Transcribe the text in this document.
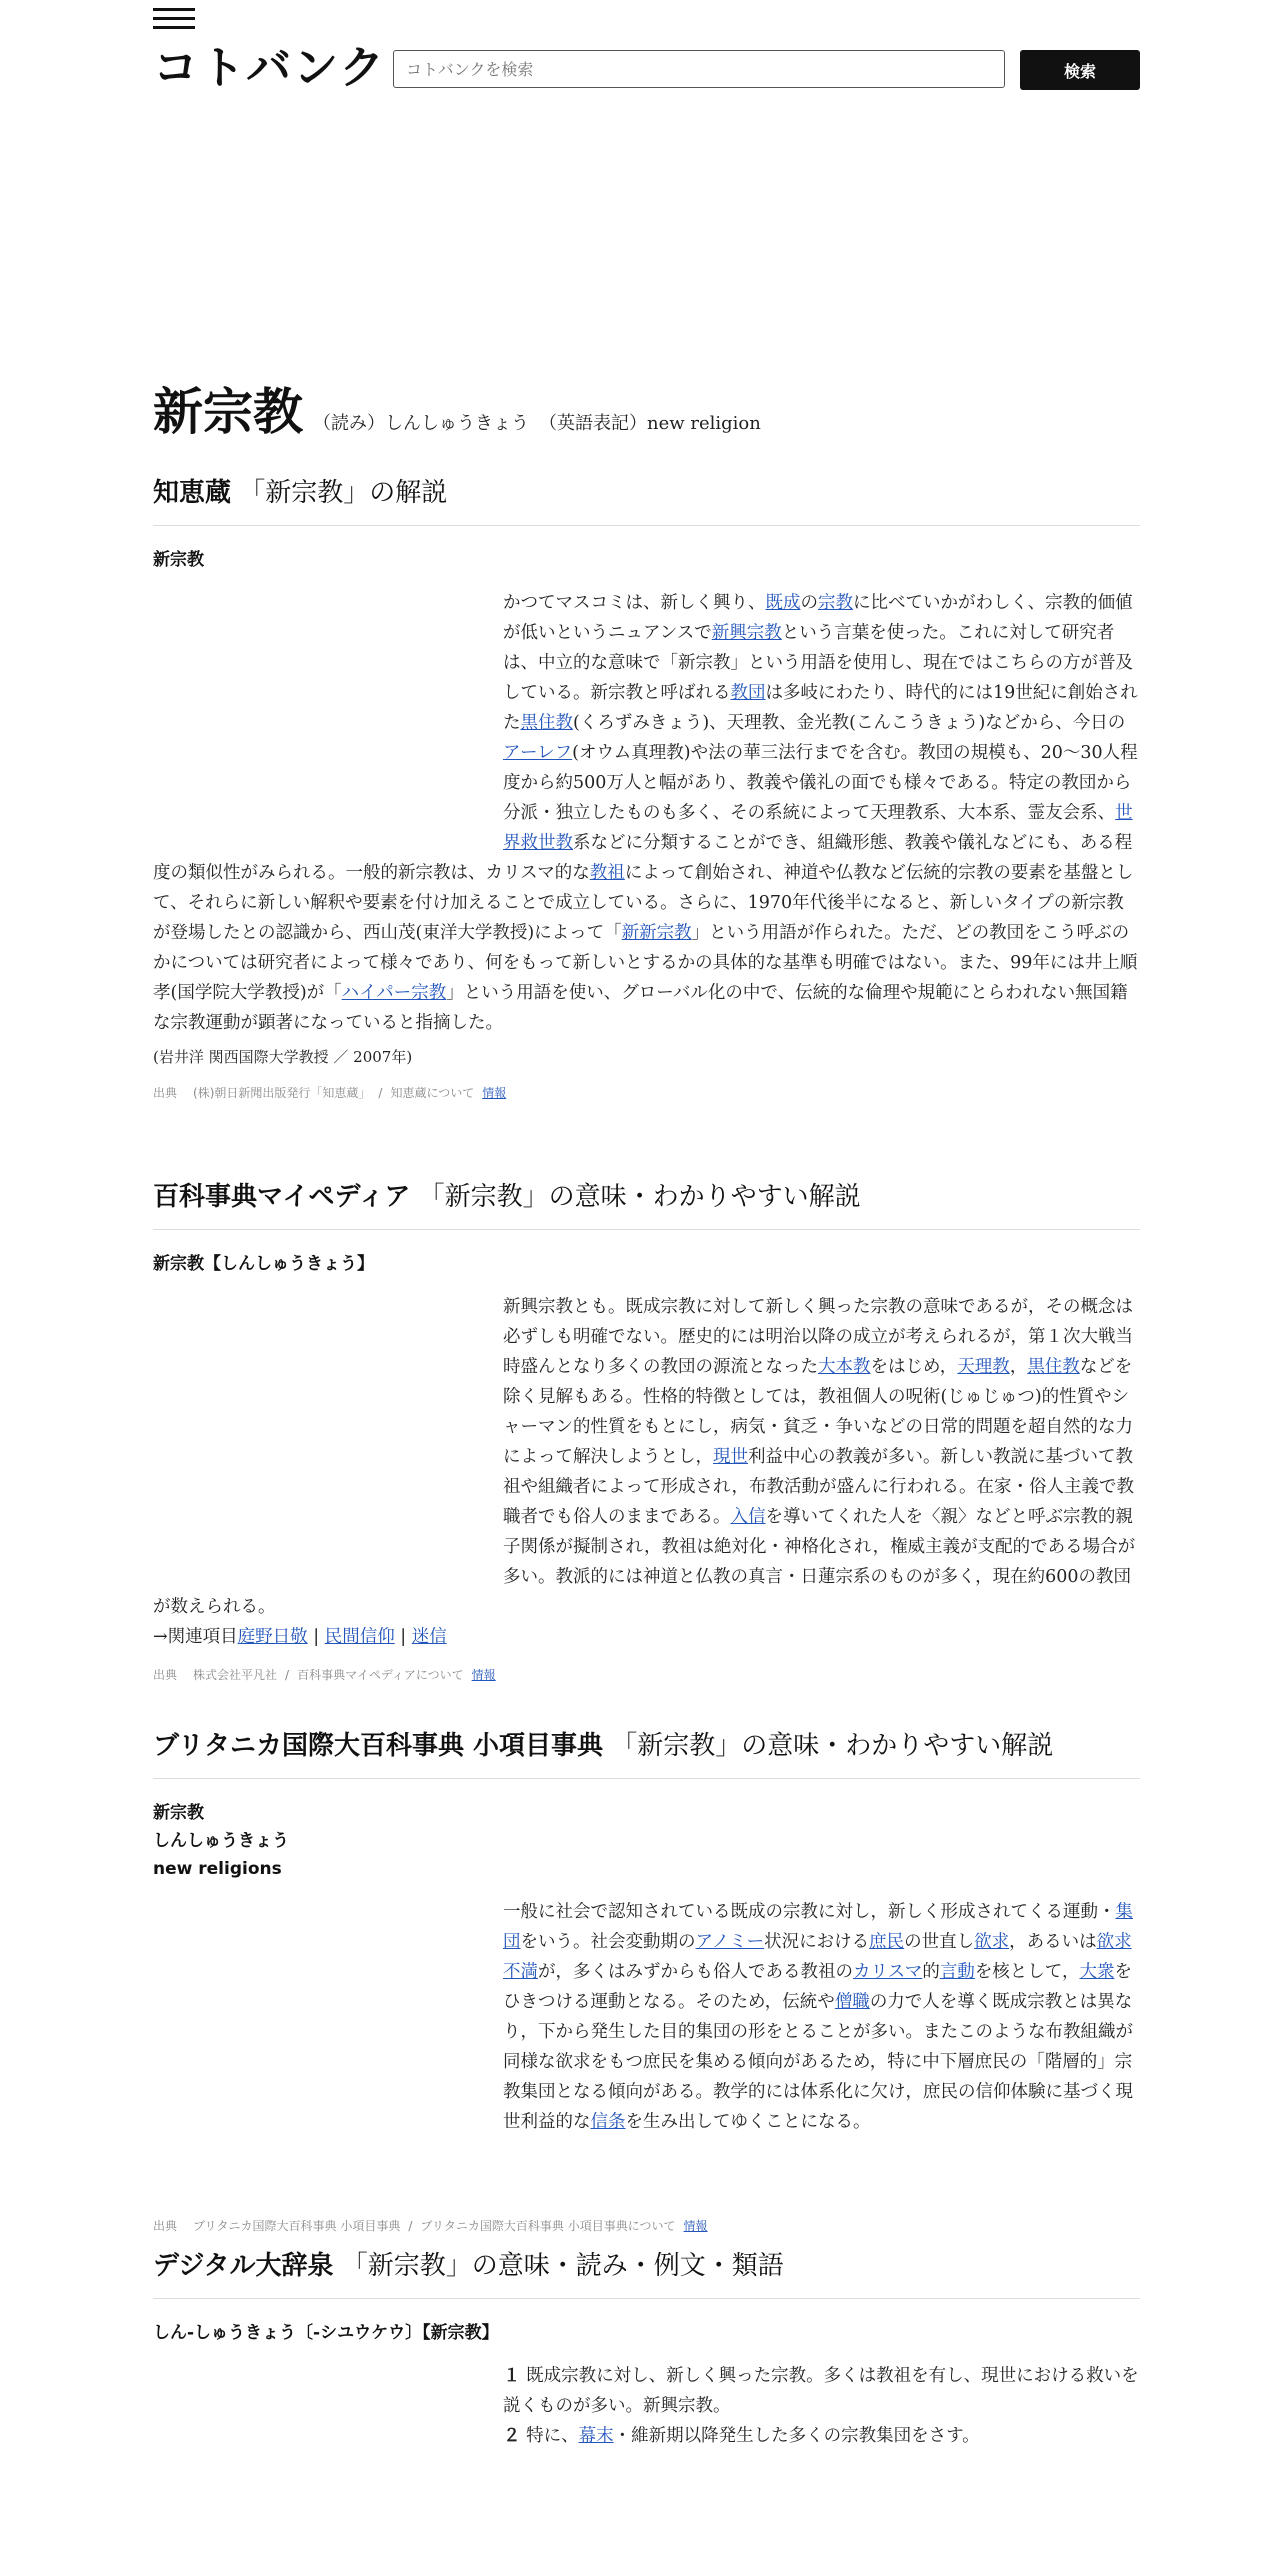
コトバンク
コトバンクを検索	検索
新宗教 （読み）しんしゅうきょう （英語表記）new religion
知恵蔵 「新宗教」の解説
新宗教
かつてマスコミは、新しく興り、既成の宗教に比べていかがわしく、宗教的価値が低いというニュアンスで新興宗教という言葉を使った。これに対して研究者は、中立的な意味で「新宗教」という用語を使用し、現在ではこちらの方が普及している。新宗教と呼ばれる教団は多岐にわたり、時代的には19世紀に創始された黒住教(くろずみきょう)、天理教、金光教(こんこうきょう)などから、今日のアーレフ(オウム真理教)や法の華三法行までを含む。教団の規模も、20〜30人程度から約500万人と幅があり、教義や儀礼の面でも様々である。特定の教団から分派・独立したものも多く、その系統によって天理教系、大本系、霊友会系、世界救世教系などに分類することができ、組織形態、教義や儀礼などにも、ある程度の類似性がみられる。一般的新宗教は、カリスマ的な教祖によって創始され、神道や仏教など伝統的宗教の要素を基盤として、それらに新しい解釈や要素を付け加えることで成立している。さらに、1970年代後半になると、新しいタイプの新宗教が登場したとの認識から、西山茂(東洋大学教授)によって「新新宗教」という用語が作られた。ただ、どの教団をこう呼ぶのかについては研究者によって様々であり、何をもって新しいとするかの具体的な基準も明確ではない。また、99年には井上順孝(国学院大学教授)が「ハイパー宗教」という用語を使い、グローバル化の中で、伝統的な倫理や規範にとらわれない無国籍な宗教運動が顕著になっていると指摘した。
(岩井洋 関西国際大学教授 ／ 2007年)
出典 (株)朝日新聞出版発行「知恵蔵」 / 知恵蔵について 情報
百科事典マイペディア 「新宗教」の意味・わかりやすい解説
新宗教【しんしゅうきょう】
新興宗教とも。既成宗教に対して新しく興った宗教の意味であるが，その概念は必ずしも明確でない。歴史的には明治以降の成立が考えられるが，第１次大戦当時盛んとなり多くの教団の源流となった大本教をはじめ，天理教，黒住教などを除く見解もある。性格的特徴としては，教祖個人の呪術(じゅじゅつ)的性質やシャーマン的性質をもとにし，病気・貧乏・争いなどの日常的問題を超自然的な力によって解決しようとし，現世利益中心の教義が多い。新しい教説に基づいて教祖や組織者によって形成され，布教活動が盛んに行われる。在家・俗人主義で教職者でも俗人のままである。入信を導いてくれた人を〈親〉などと呼ぶ宗教的親子関係が擬制され，教祖は絶対化・神格化され，権威主義が支配的である場合が多い。教派的には神道と仏教の真言・日蓮宗系のものが多く，現在約600の教団が数えられる。
→関連項目庭野日敬 | 民間信仰 | 迷信
出典 株式会社平凡社 / 百科事典マイペディアについて 情報
ブリタニカ国際大百科事典 小項目事典 「新宗教」の意味・わかりやすい解説
新宗教
しんしゅうきょう
new religions
一般に社会で認知されている既成の宗教に対し，新しく形成されてくる運動・集団をいう。社会変動期のアノミー状況における庶民の世直し欲求，あるいは欲求不満が，多くはみずからも俗人である教祖のカリスマ的言動を核として，大衆をひきつける運動となる。そのため，伝統や僧職の力で人を導く既成宗教とは異なり，下から発生した目的集団の形をとることが多い。またこのような布教組織が同様な欲求をもつ庶民を集める傾向があるため，特に中下層庶民の「階層的」宗教集団となる傾向がある。教学的には体系化に欠け，庶民の信仰体験に基づく現世利益的な信条を生み出してゆくことになる。
出典 ブリタニカ国際大百科事典 小項目事典 / ブリタニカ国際大百科事典 小項目事典について 情報
デジタル大辞泉 「新宗教」の意味・読み・例文・類語
しん-しゅうきょう〔-シユウケウ〕【新宗教】
１ 既成宗教に対し、新しく興った宗教。多くは教祖を有し、現世における救いを説くものが多い。新興宗教。
２ 特に、幕末・維新期以降発生した多くの宗教集団をさす。
